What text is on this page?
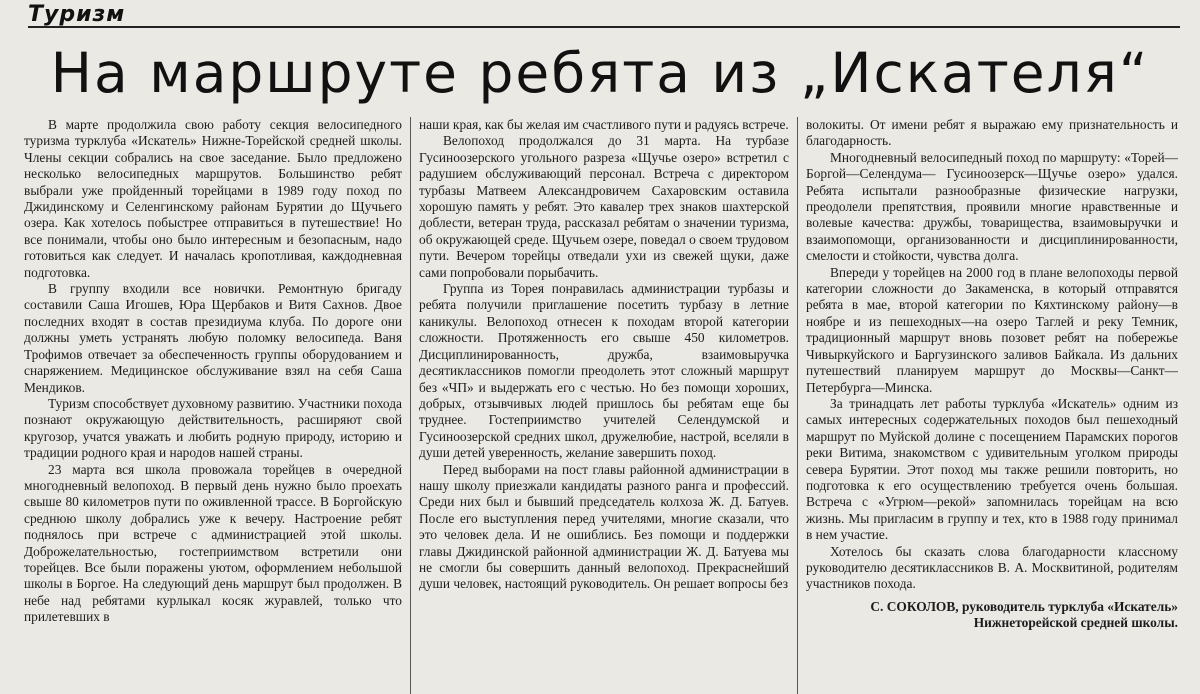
Туризм
На маршруте ребята из „Искателя“

В марте продолжила свою работу секция велосипедного туризма турклуба «Искатель» Нижне-Торейской средней школы. Члены секции собрались на свое заседание. Было предложено несколько велосипедных маршрутов. Большинство ребят выбрали уже пройденный торейцами в 1989 году поход по Джидинскому и Селенгинскому районам Бурятии до Щучьего озера. Как хотелось побыстрее отправиться в путешествие! Но все понимали, чтобы оно было интересным и безопасным, надо готовиться как следует. И началась кропотливая, каждодневная подготовка.

В группу входили все новички. Ремонтную бригаду составили Саша Игошев, Юра Щербаков и Витя Сахнов. Двое последних входят в состав президиума клуба. По дороге они должны уметь устранять любую поломку велосипеда. Ваня Трофимов отвечает за обеспеченность группы оборудованием и снаряжением. Медицинское обслуживание взял на себя Саша Мендиков.

Туризм способствует духовному развитию. Участники похода познают окружающую действительность, расширяют свой кругозор, учатся уважать и любить родную природу, историю и традиции родного края и народов нашей страны.

23 марта вся школа провожала торейцев в очередной многодневный велопоход. В первый день нужно было проехать свыше 80 километров пути по оживленной трассе. В Боргойскую среднюю школу добрались уже к вечеру. Настроение ребят поднялось при встрече с администрацией этой школы. Доброжелательностью, гостеприимством встретили они торейцев. Все были поражены уютом, оформлением небольшой школы в Боргое. На следующий день маршрут был продолжен. В небе над ребятами курлыкал косяк журавлей, только что прилетевших в

наши края, как бы желая им счастливого пути и радуясь встрече.

Велопоход продолжался до 31 марта. На турбазе Гусиноозерского угольного разреза «Щучье озеро» встретил с радушием обслуживающий персонал. Встреча с директором турбазы Матвеем Александровичем Сахаровским оставила хорошую память у ребят. Это кавалер трех знаков шахтерской доблести, ветеран труда, рассказал ребятам о значении туризма, об окружающей среде. Щучьем озере, поведал о своем трудовом пути. Вечером торейцы отведали ухи из свежей щуки, даже сами попробовали порыбачить.

Группа из Торея понравилась администрации турбазы и ребята получили приглашение посетить турбазу в летние каникулы. Велопоход отнесен к походам второй категории сложности. Протяженность его свыше 450 километров. Дисциплинированность, дружба, взаимовыручка десятиклассников помогли преодолеть этот сложный маршрут без «ЧП» и выдержать его с честью. Но без помощи хороших, добрых, отзывчивых людей пришлось бы ребятам еще бы труднее. Гостеприимство учителей Селендумской и Гусиноозерской средних школ, дружелюбие, настрой, вселяли в души детей уверенность, желание завершить поход.

Перед выборами на пост главы районной администрации в нашу школу приезжали кандидаты разного ранга и профессий. Среди них был и бывший председатель колхоза Ж. Д. Батуев. После его выступления перед учителями, многие сказали, что это человек дела. И не ошиблись. Без помощи и поддержки главы Джидинской районной администрации Ж. Д. Батуева мы не смогли бы совершить данный велопоход. Прекраснейший души человек, настоящий руководитель. Он решает вопросы без

волокиты. От имени ребят я выражаю ему признательность и благодарность.

Многодневный велосипедный поход по маршруту: «Торей—Боргой—Селендума— Гусиноозерск—Щучье озеро» удался. Ребята испытали разнообразные физические нагрузки, преодолели препятствия, проявили многие нравственные и волевые качества: дружбы, товарищества, взаимовыручки и взаимопомощи, организованности и дисциплинированности, смелости и стойкости, чувства долга.

Впереди у торейцев на 2000 год в плане велопоходы первой категории сложности до Закаменска, в который отправятся ребята в мае, второй категории по Кяхтинскому району—в ноябре и из пешеходных—на озеро Таглей и реку Темник, традиционный маршрут вновь позовет ребят на побережье Чивыркуйского и Баргузинского заливов Байкала. Из дальних путешествий планируем маршрут до Москвы—Санкт—Петербурга—Минска.

За тринадцать лет работы турклуба «Искатель» одним из самых интересных содержательных походов был пешеходный маршрут по Муйской долине с посещением Парамских порогов реки Витима, знакомством с удивительным уголком природы севера Бурятии. Этот поход мы также решили повторить, но подготовка к его осуществлению требуется очень большая. Встреча с «Угрюм—рекой» запомнилась торейцам на всю жизнь. Мы пригласим в группу и тех, кто в 1988 году принимал в нем участие.

Хотелось бы сказать слова благодарности классному руководителю десятиклассников В. А. Москвитиной, родителям участников похода.

С. СОКОЛОВ, руководитель турклуба «Искатель» Нижнеторейской средней школы.
